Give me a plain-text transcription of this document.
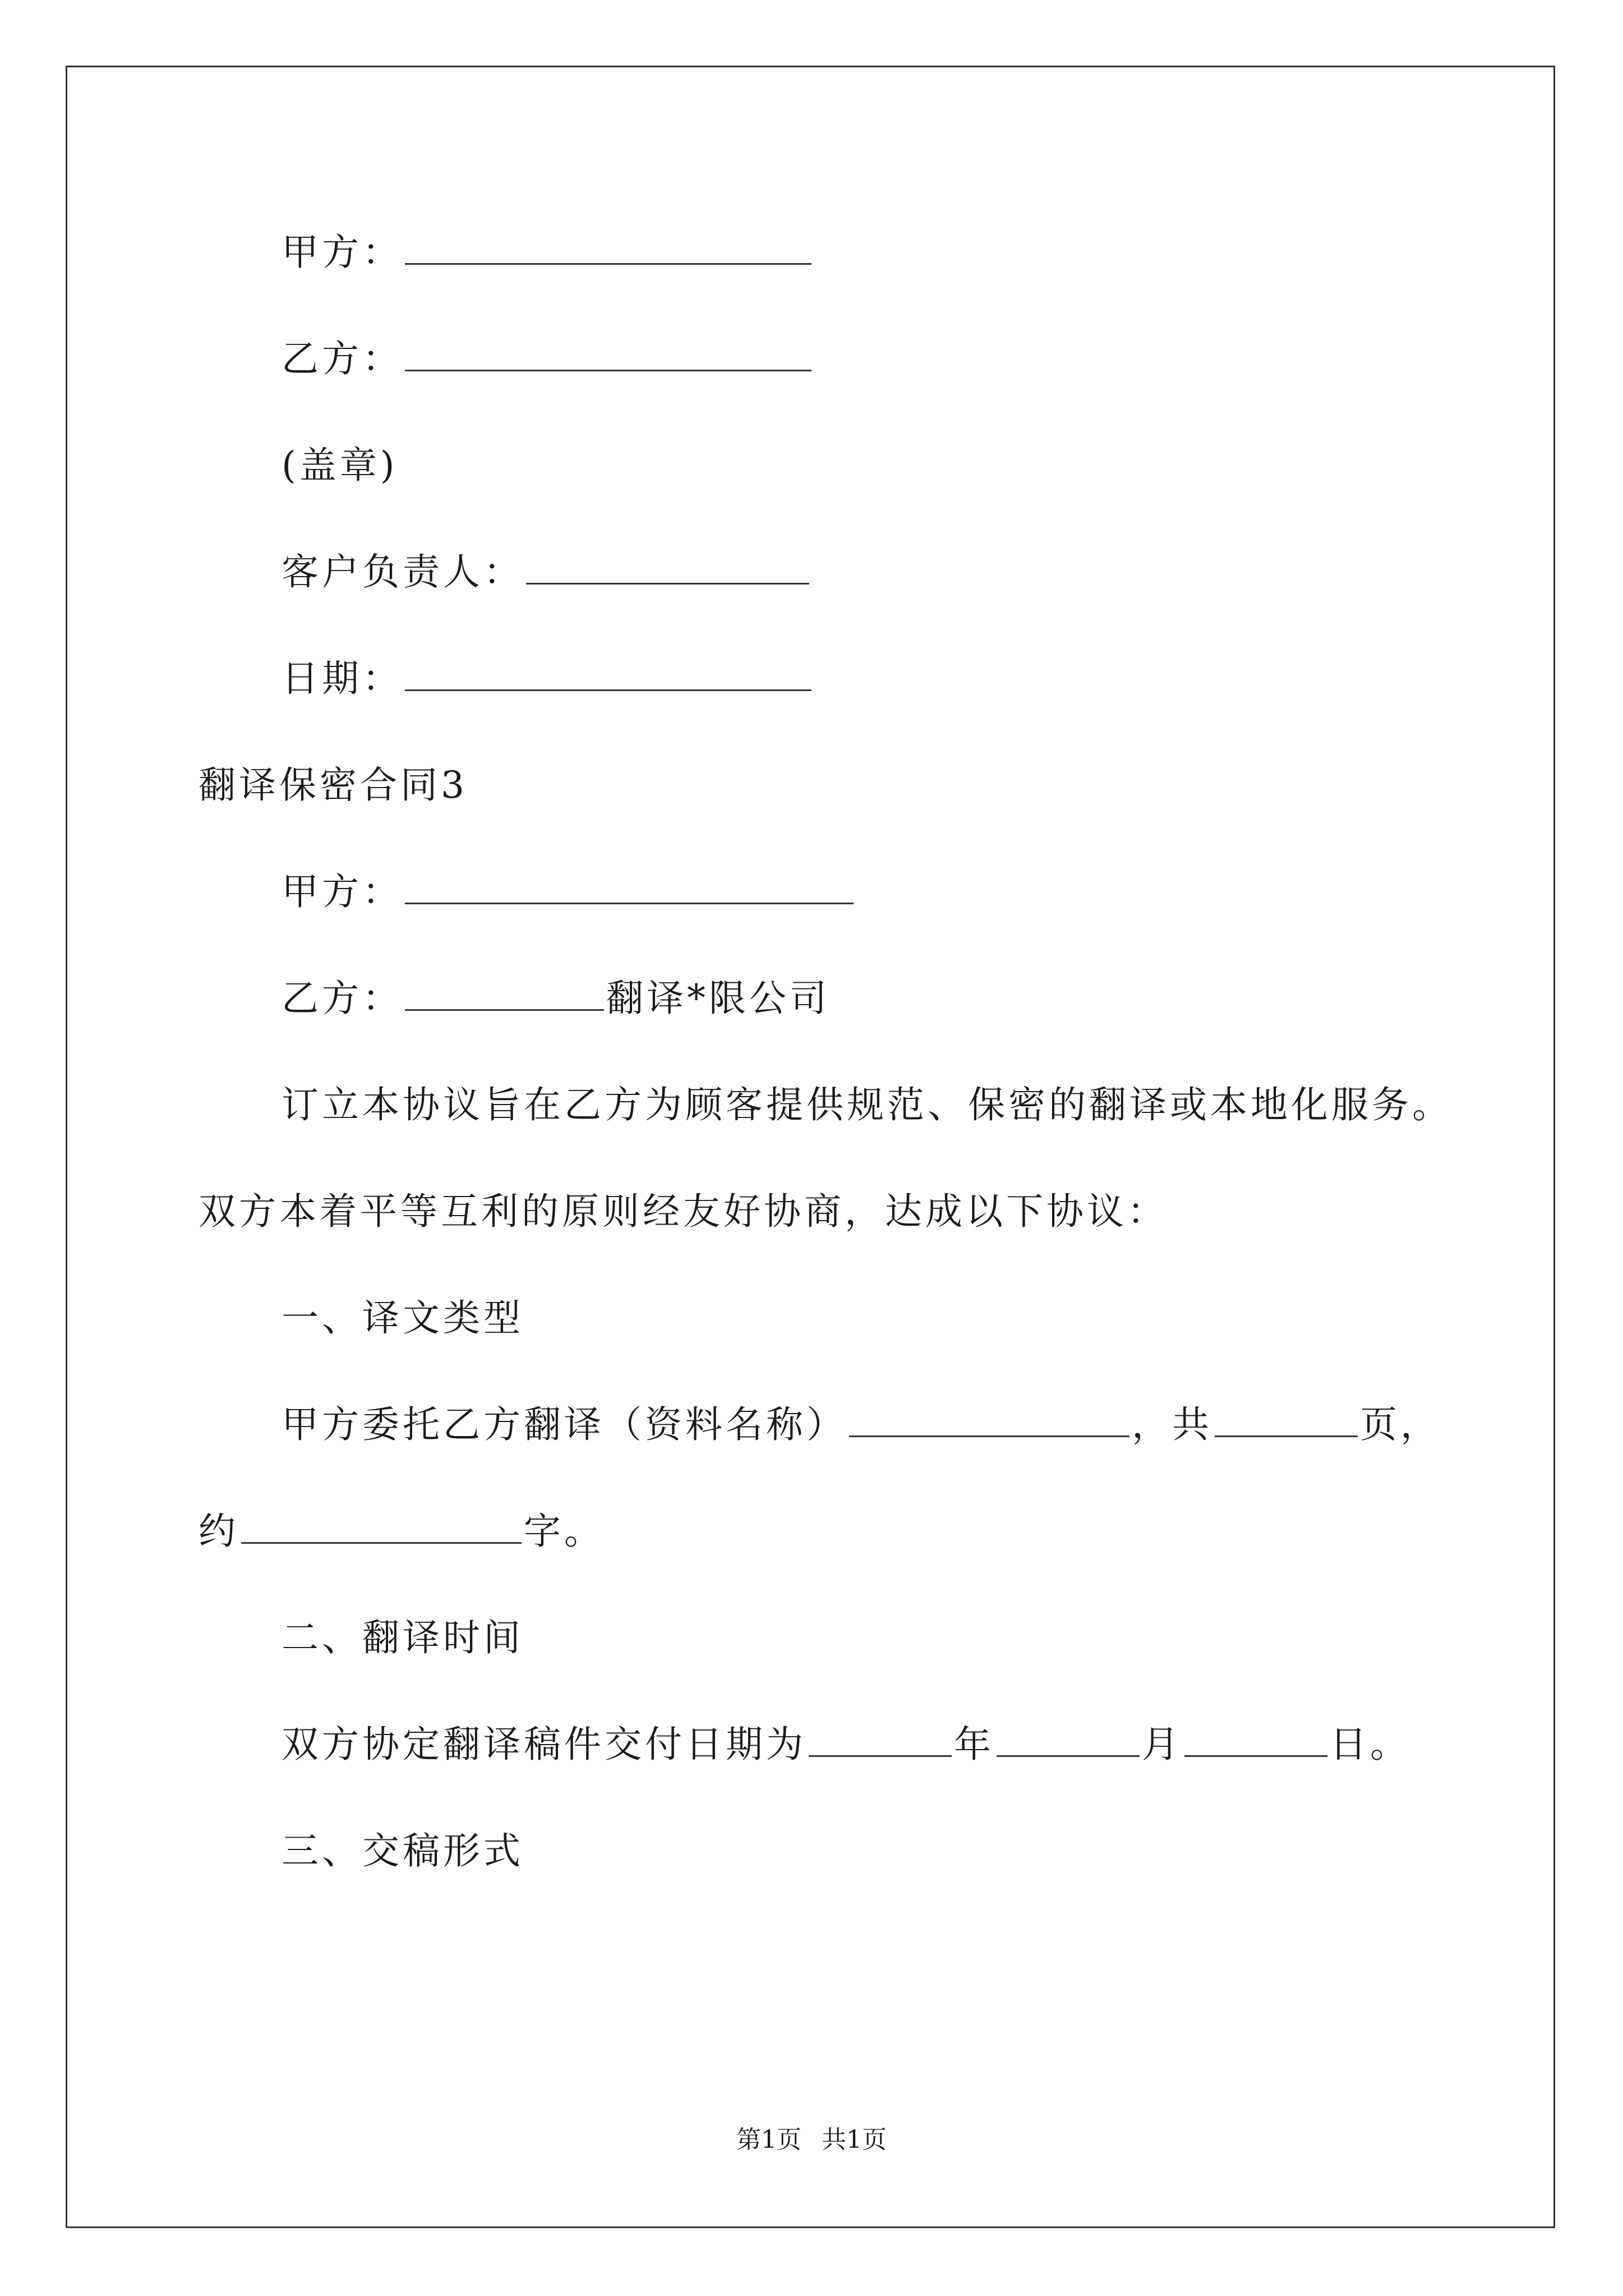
甲方：
乙方：
(盖章)
客户负责人：
日期：
翻译保密合同3
甲方：
乙方：	翻译*限公司
订立本协议旨在乙方为顾客提供规范、保密的翻译或本地化服务。
双方本着平等互利的原则经友好协商，达成以下协议：
一、译文类型
甲方委托乙方翻译（资料名称）	，共	页，
约	字。
二、翻译时间
双方协定翻译稿件交付日期为	年	月	日。
三、交稿形式
第1页 共1页
